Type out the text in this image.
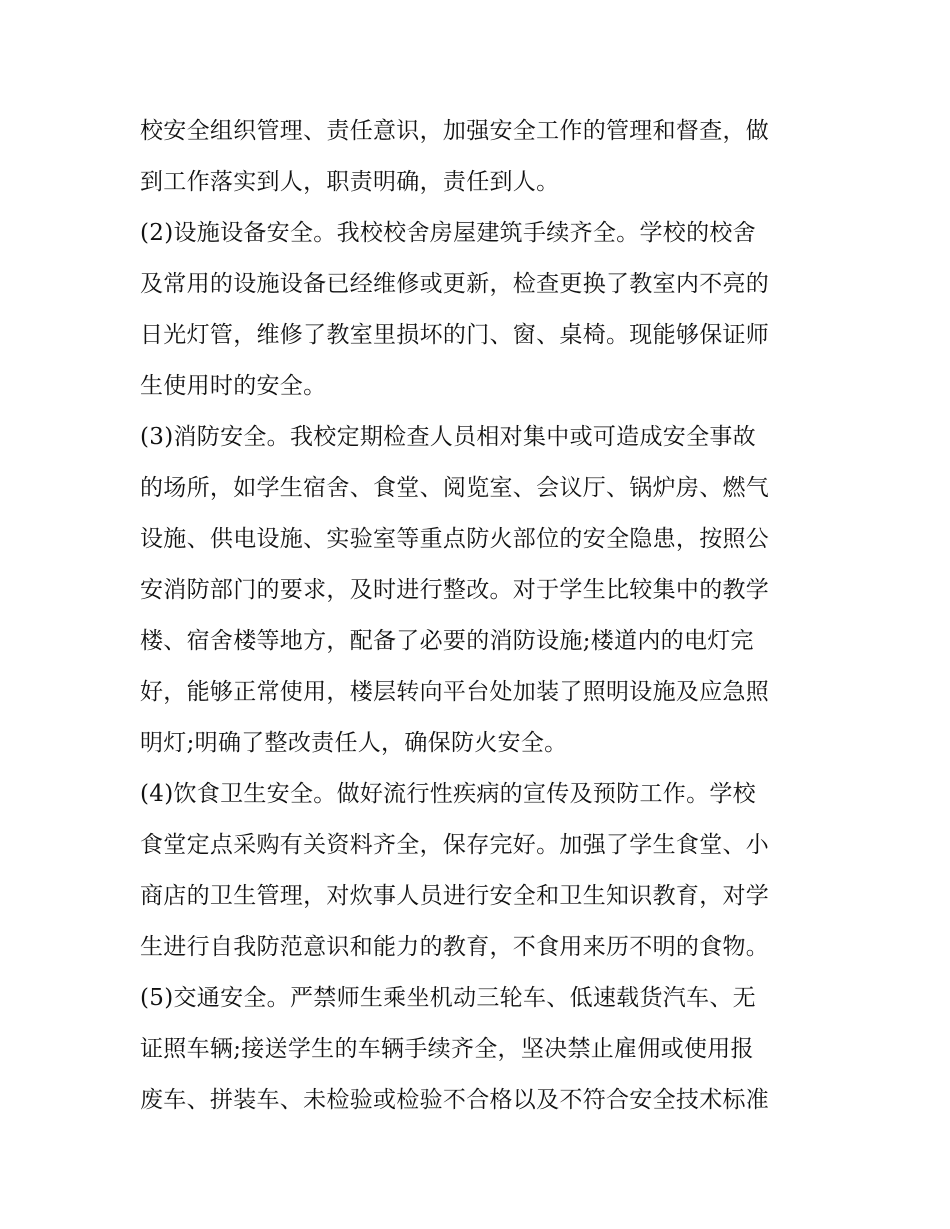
校安全组织管理、责任意识，加强安全工作的管理和督查，做
到工作落实到人，职责明确，责任到人。
(2)设施设备安全。我校校舍房屋建筑手续齐全。学校的校舍
及常用的设施设备已经维修或更新，检查更换了教室内不亮的
日光灯管，维修了教室里损坏的门、窗、桌椅。现能够保证师
生使用时的安全。
(3)消防安全。我校定期检查人员相对集中或可造成安全事故
的场所，如学生宿舍、食堂、阅览室、会议厅、锅炉房、燃气
设施、供电设施、实验室等重点防火部位的安全隐患，按照公
安消防部门的要求，及时进行整改。对于学生比较集中的教学
楼、宿舍楼等地方，配备了必要的消防设施;楼道内的电灯完
好，能够正常使用，楼层转向平台处加装了照明设施及应急照
明灯;明确了整改责任人，确保防火安全。
(4)饮食卫生安全。做好流行性疾病的宣传及预防工作。学校
食堂定点采购有关资料齐全，保存完好。加强了学生食堂、小
商店的卫生管理，对炊事人员进行安全和卫生知识教育，对学
生进行自我防范意识和能力的教育，不食用来历不明的食物。
(5)交通安全。严禁师生乘坐机动三轮车、低速载货汽车、无
证照车辆;接送学生的车辆手续齐全，坚决禁止雇佣或使用报
废车、拼装车、未检验或检验不合格以及不符合安全技术标准
